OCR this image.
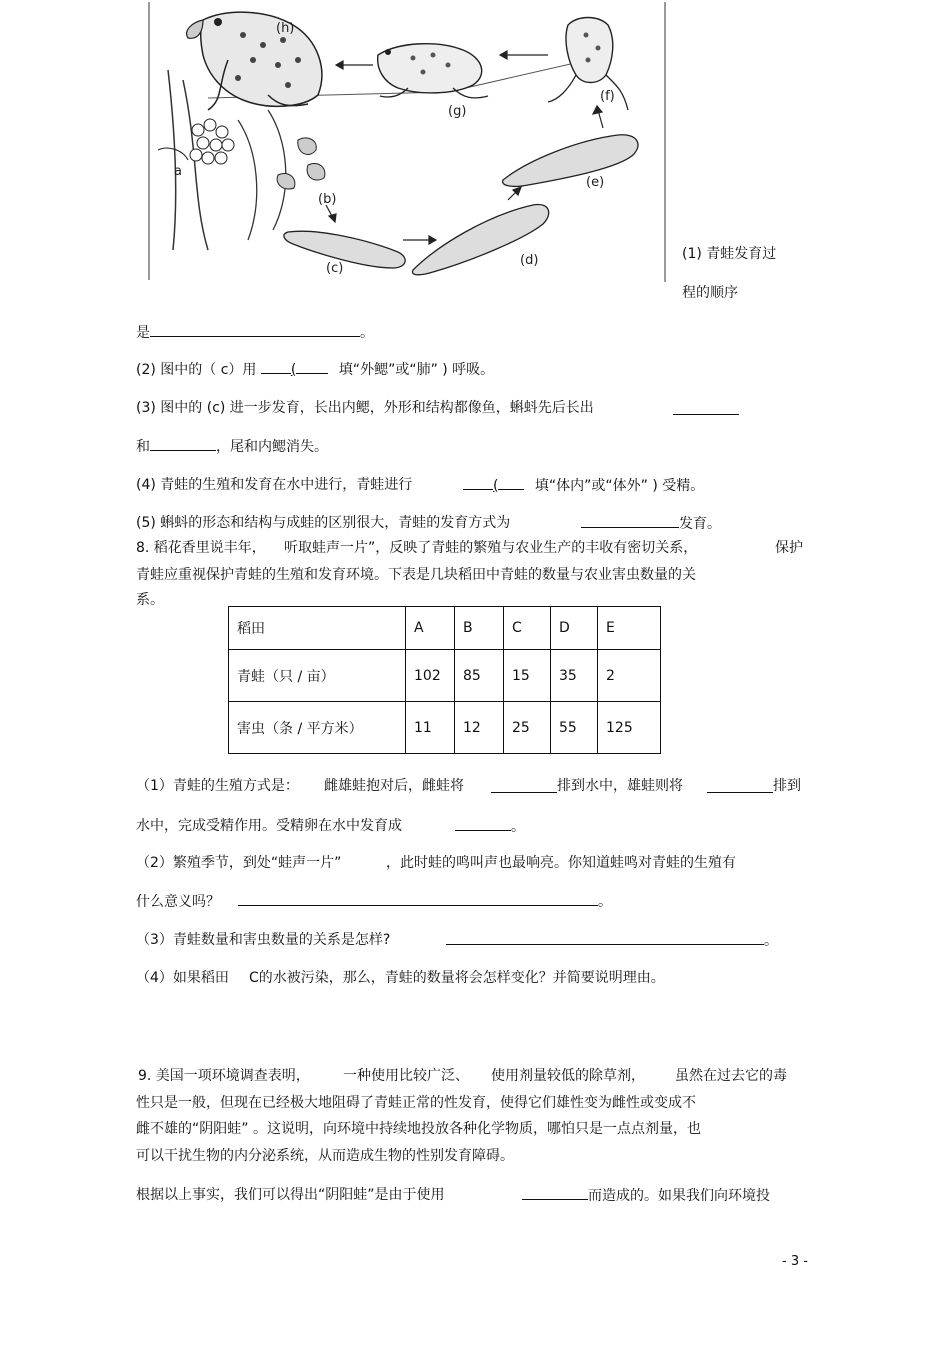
(h)
(g)
(f)
(e)
(d)
(c)
(b)
a
(1) 青蛙发育过
程的顺序
是	。
(2) 图中的（ c）用 (	填“外鳃”或“肺” ) 呼吸。
(3) 图中的 (c) 进一步发育，长出内鳃，外形和结构都像鱼，蝌蚪先后长出
和	，尾和内鳃消失。
(4) 青蛙的生殖和发育在水中进行，青蛙进行	(	填“体内”或“体外” ) 受精。
(5) 蝌蚪的形态和结构与成蛙的区别很大，青蛙的发育方式为	发育。
8. 稻花香里说丰年， 听取蛙声一片”，反映了青蛙的繁殖与农业生产的丰收有密切关系，	保护
青蛙应重视保护青蛙的生殖和发育环境。下表是几块稻田中青蛙的数量与农业害虫数量的关
系。
稻田	A	B	C	D	E
青蛙（只 / 亩）	102	85	15	35	2
害虫（条 / 平方米）	11	12	25	55	125
（1）青蛙的生殖方式是： 雌雄蛙抱对后，雌蛙将	排到水中，雄蛙则将	排到
水中，完成受精作用。受精卵在水中发育成	。
（2）繁殖季节，到处“蛙声一片”	，此时蛙的鸣叫声也最响亮。你知道蛙鸣对青蛙的生殖有
什么意义吗？	。
（3）青蛙数量和害虫数量的关系是怎样?	。
（4）如果稻田 C的水被污染，那么，青蛙的数量将会怎样变化？并简要说明理由。
9. 美国一项环境调查表明， 一种使用比较广泛、 使用剂量较低的除草剂， 虽然在过去它的毒
性只是一般，但现在已经极大地阻碍了青蛙正常的性发育，使得它们雄性变为雌性或变成不
雌不雄的“阴阳蛙” 。这说明，向环境中持续地投放各种化学物质，哪怕只是一点点剂量，也
可以干扰生物的内分泌系统，从而造成生物的性别发育障碍。
根据以上事实，我们可以得出“阴阳蛙”是由于使用	而造成的。如果我们向环境投
- 3 -
